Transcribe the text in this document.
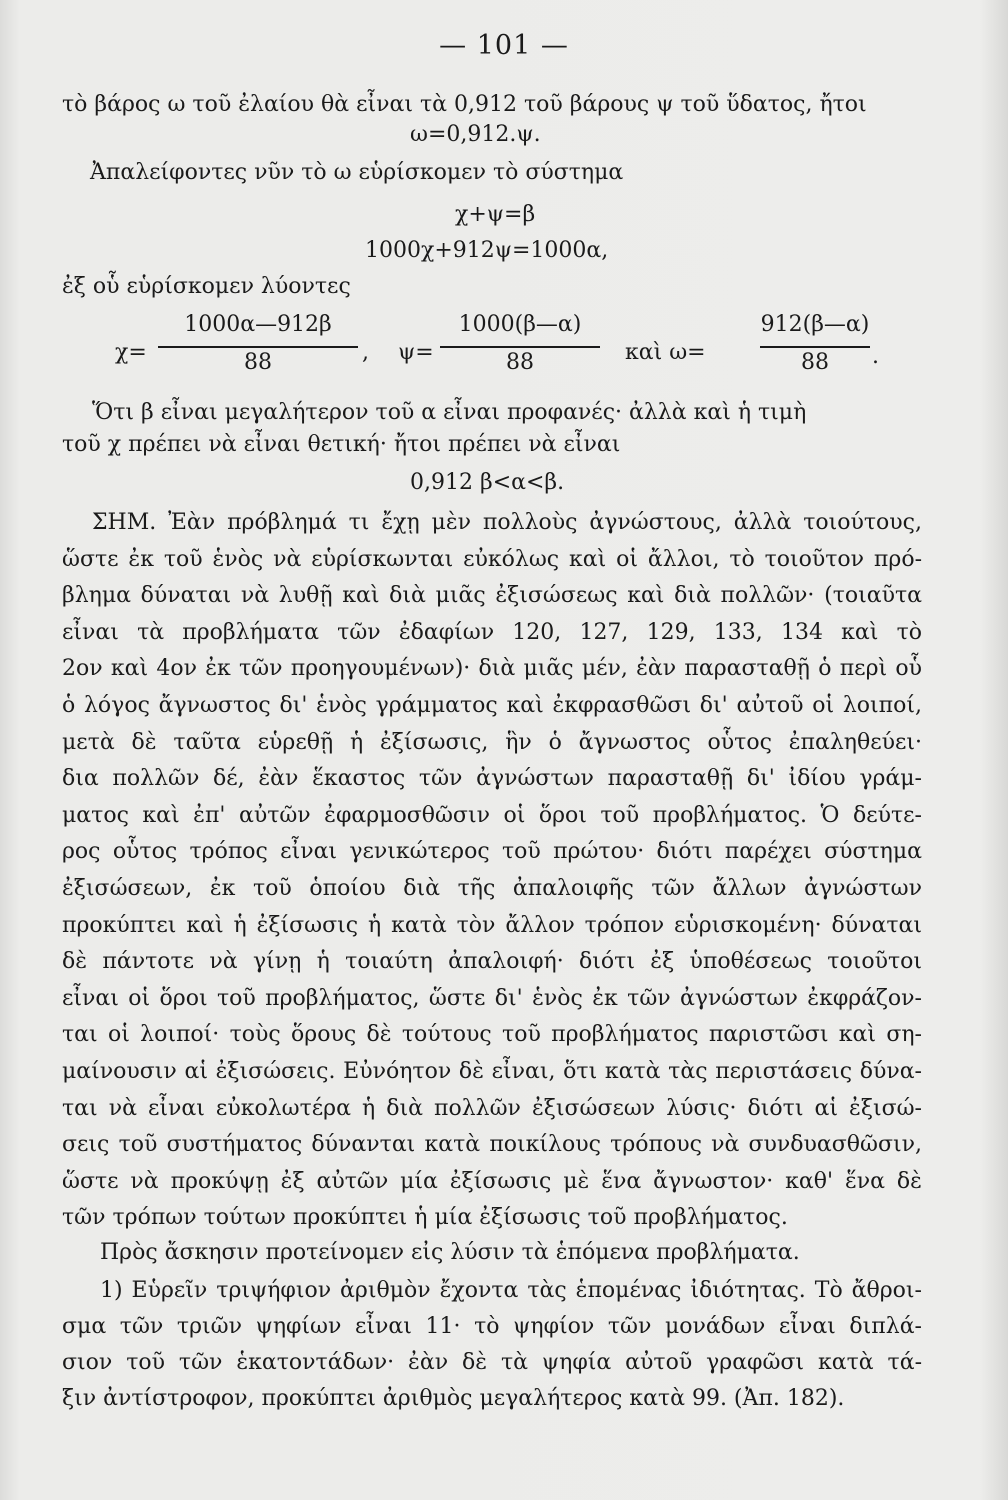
— 101 —
τὸ βάρος ω τοῦ ἐλαίου θὰ εἶναι τὰ 0,912 τοῦ βάρους ψ τοῦ ὕδατος, ἤτοι
ω=0,912.ψ.
Ἀπαλείφοντες νῦν τὸ ω εὑρίσκομεν τὸ σύστημα
χ+ψ=β
1000χ+912ψ=1000α,
ἐξ οὗ εὑρίσκομεν λύοντες
χ=
1000α—912β
88	, ψ=
1000(β—α)
88	καὶ ω=
912(β—α)
88	.
Ὅτι β εἶναι μεγαλήτερον τοῦ α εἶναι προφανές· ἀλλὰ καὶ ἡ τιμὴ
τοῦ χ πρέπει νὰ εἶναι θετική· ἤτοι πρέπει νὰ εἶναι
0,912 β<α<β.
ΣΗΜ. Ἐὰν πρόβλημά τι ἔχῃ μὲν πολλοὺς ἀγνώστους, ἀλλὰ τοιούτους,
ὥστε ἐκ τοῦ ἑνὸς νὰ εὑρίσκωνται εὐκόλως καὶ οἱ ἄλλοι, τὸ τοιοῦτον πρό-
βλημα δύναται νὰ λυθῇ καὶ διὰ μιᾶς ἐξισώσεως καὶ διὰ πολλῶν· (τοιαῦτα
εἶναι τὰ προβλήματα τῶν ἐδαφίων 120, 127, 129, 133, 134 καὶ τὸ
2ον καὶ 4ον ἐκ τῶν προηγουμένων)· διὰ μιᾶς μέν, ἐὰν παρασταθῇ ὁ περὶ οὗ
ὁ λόγος ἄγνωστος δι' ἑνὸς γράμματος καὶ ἐκφρασθῶσι δι' αὐτοῦ οἱ λοιποί,
μετὰ δὲ ταῦτα εὑρεθῇ ἡ ἐξίσωσις, ἣν ὁ ἄγνωστος οὗτος ἐπαληθεύει·
δια πολλῶν δέ, ἐὰν ἕκαστος τῶν ἀγνώστων παρασταθῇ δι' ἰδίου γράμ-
ματος καὶ ἐπ' αὐτῶν ἐφαρμοσθῶσιν οἱ ὅροι τοῦ προβλήματος. Ὁ δεύτε-
ρος οὗτος τρόπος εἶναι γενικώτερος τοῦ πρώτου· διότι παρέχει σύστημα
ἐξισώσεων, ἐκ τοῦ ὁποίου διὰ τῆς ἀπαλοιφῆς τῶν ἄλλων ἀγνώστων
προκύπτει καὶ ἡ ἐξίσωσις ἡ κατὰ τὸν ἄλλον τρόπον εὑρισκομένη· δύναται
δὲ πάντοτε νὰ γίνῃ ἡ τοιαύτη ἀπαλοιφή· διότι ἐξ ὑποθέσεως τοιοῦτοι
εἶναι οἱ ὅροι τοῦ προβλήματος, ὥστε δι' ἑνὸς ἐκ τῶν ἀγνώστων ἐκφράζον-
ται οἱ λοιποί· τοὺς ὅρους δὲ τούτους τοῦ προβλήματος παριστῶσι καὶ ση-
μαίνουσιν αἱ ἐξισώσεις. Εὐνόητον δὲ εἶναι, ὅτι κατὰ τὰς περιστάσεις δύνα-
ται νὰ εἶναι εὐκολωτέρα ἡ διὰ πολλῶν ἐξισώσεων λύσις· διότι αἱ ἐξισώ-
σεις τοῦ συστήματος δύνανται κατὰ ποικίλους τρόπους νὰ συνδυασθῶσιν,
ὥστε νὰ προκύψῃ ἐξ αὐτῶν μία ἐξίσωσις μὲ ἕνα ἄγνωστον· καθ' ἕνα δὲ
τῶν τρόπων τούτων προκύπτει ἡ μία ἐξίσωσις τοῦ προβλήματος.
Πρὸς ἄσκησιν προτείνομεν εἰς λύσιν τὰ ἑπόμενα προβλήματα.
1) Εὑρεῖν τριψήφιον ἀριθμὸν ἔχοντα τὰς ἑπομένας ἰδιότητας. Τὸ ἄθροι-
σμα τῶν τριῶν ψηφίων εἶναι 11· τὸ ψηφίον τῶν μονάδων εἶναι διπλά-
σιον τοῦ τῶν ἑκατοντάδων· ἐὰν δὲ τὰ ψηφία αὐτοῦ γραφῶσι κατὰ τά-
ξιν ἀντίστροφον, προκύπτει ἀριθμὸς μεγαλήτερος κατὰ 99. (Ἀπ. 182).
